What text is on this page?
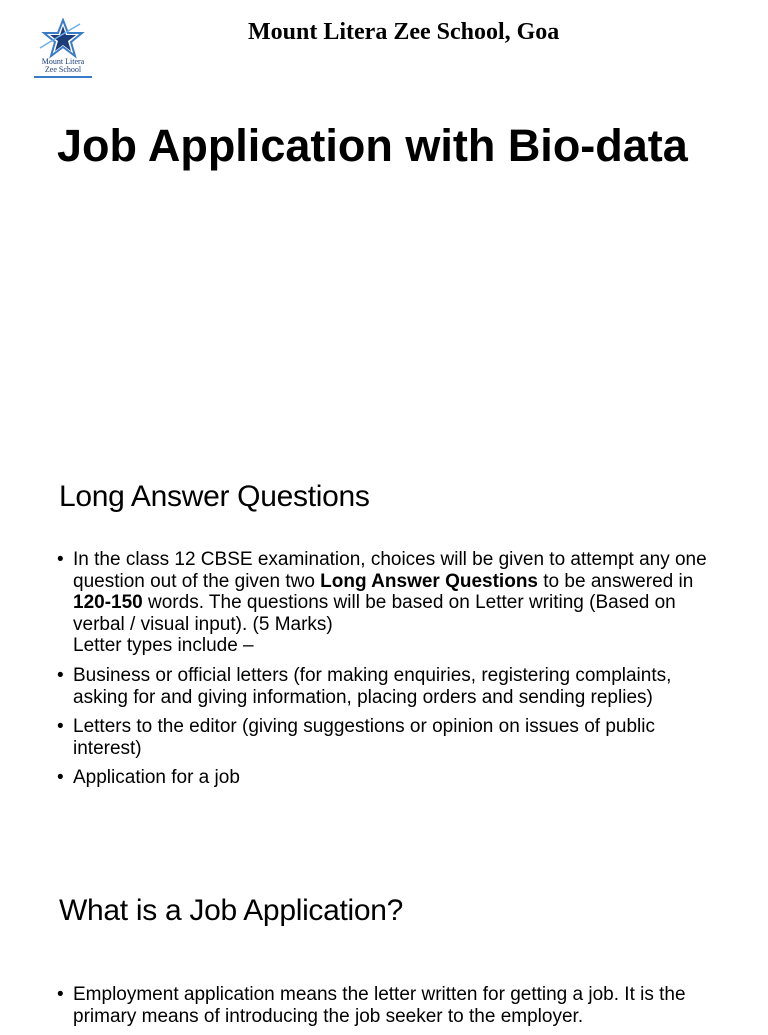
Mount Litera
Zee School
Mount Litera Zee School, Goa
Job Application with Bio-data
Long Answer Questions
• In the class 12 CBSE examination, choices will be given to attempt any one question out of the given two Long Answer Questions to be answered in 120-150 words. The questions will be based on Letter writing (Based on verbal / visual input). (5 Marks)
Letter types include –
• Business or official letters (for making enquiries, registering complaints, asking for and giving information, placing orders and sending replies)
• Letters to the editor (giving suggestions or opinion on issues of public interest)
• Application for a job
What is a Job Application?
• Employment application means the letter written for getting a job. It is the primary means of introducing the job seeker to the employer.
